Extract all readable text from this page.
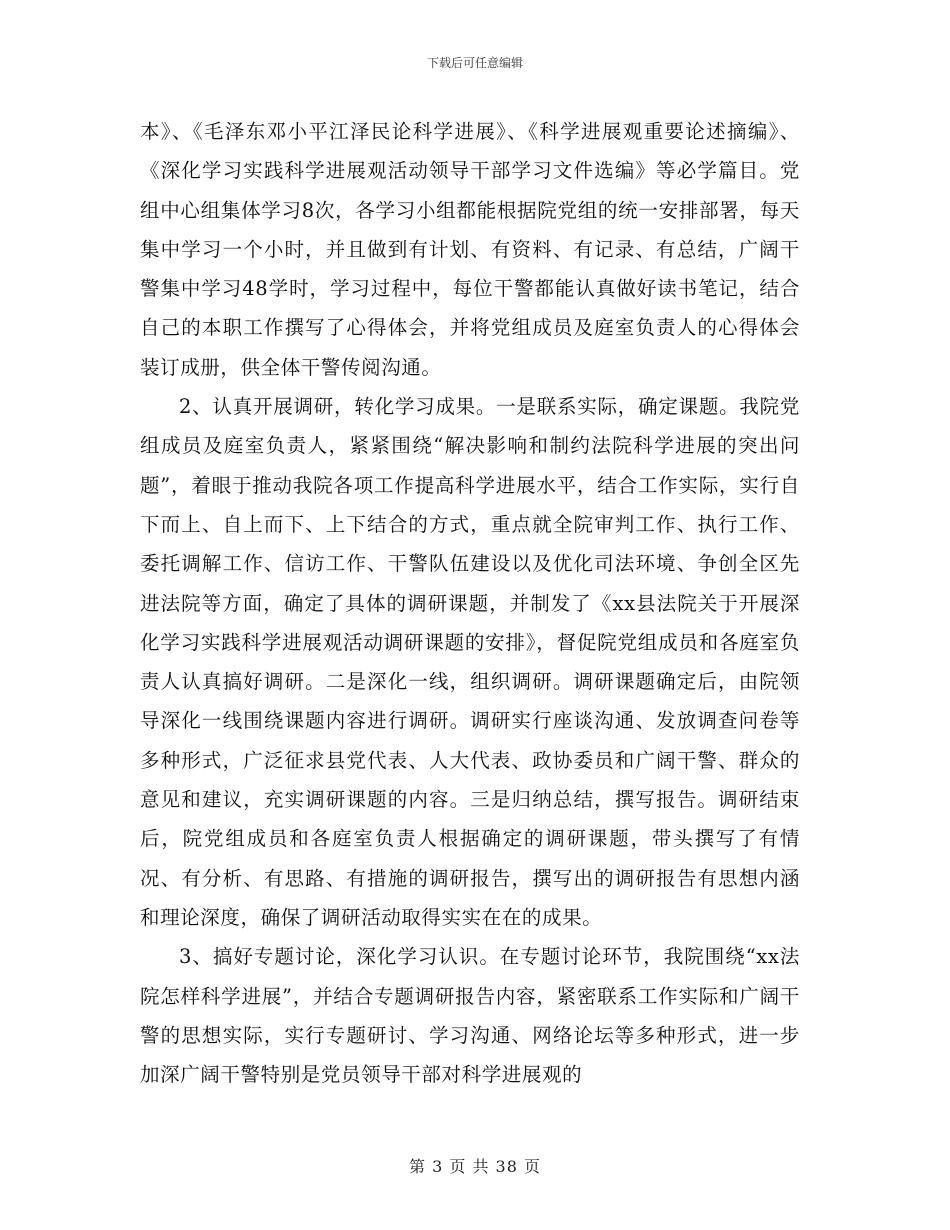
下载后可任意编辑

本》、《毛泽东邓小平江泽民论科学进展》、《科学进展观重要论述摘编》、《深化学习实践科学进展观活动领导干部学习文件选编》等必学篇目。党组中心组集体学习8次，各学习小组都能根据院党组的统一安排部署，每天集中学习一个小时，并且做到有计划、有资料、有记录、有总结，广阔干警集中学习48学时，学习过程中，每位干警都能认真做好读书笔记，结合自己的本职工作撰写了心得体会，并将党组成员及庭室负责人的心得体会装订成册，供全体干警传阅沟通。

2、认真开展调研，转化学习成果。一是联系实际，确定课题。我院党组成员及庭室负责人，紧紧围绕“解决影响和制约法院科学进展的突出问题”，着眼于推动我院各项工作提高科学进展水平，结合工作实际，实行自下而上、自上而下、上下结合的方式，重点就全院审判工作、执行工作、委托调解工作、信访工作、干警队伍建设以及优化司法环境、争创全区先进法院等方面，确定了具体的调研课题，并制发了《xx县法院关于开展深化学习实践科学进展观活动调研课题的安排》，督促院党组成员和各庭室负责人认真搞好调研。二是深化一线，组织调研。调研课题确定后，由院领导深化一线围绕课题内容进行调研。调研实行座谈沟通、发放调查问卷等多种形式，广泛征求县党代表、人大代表、政协委员和广阔干警、群众的意见和建议，充实调研课题的内容。三是归纳总结，撰写报告。调研结束后，院党组成员和各庭室负责人根据确定的调研课题，带头撰写了有情况、有分析、有思路、有措施的调研报告，撰写出的调研报告有思想内涵和理论深度，确保了调研活动取得实实在在的成果。

3、搞好专题讨论，深化学习认识。在专题讨论环节，我院围绕“xx法院怎样科学进展”，并结合专题调研报告内容，紧密联系工作实际和广阔干警的思想实际，实行专题研讨、学习沟通、网络论坛等多种形式，进一步加深广阔干警特别是党员领导干部对科学进展观的

第 3 页 共 38 页
